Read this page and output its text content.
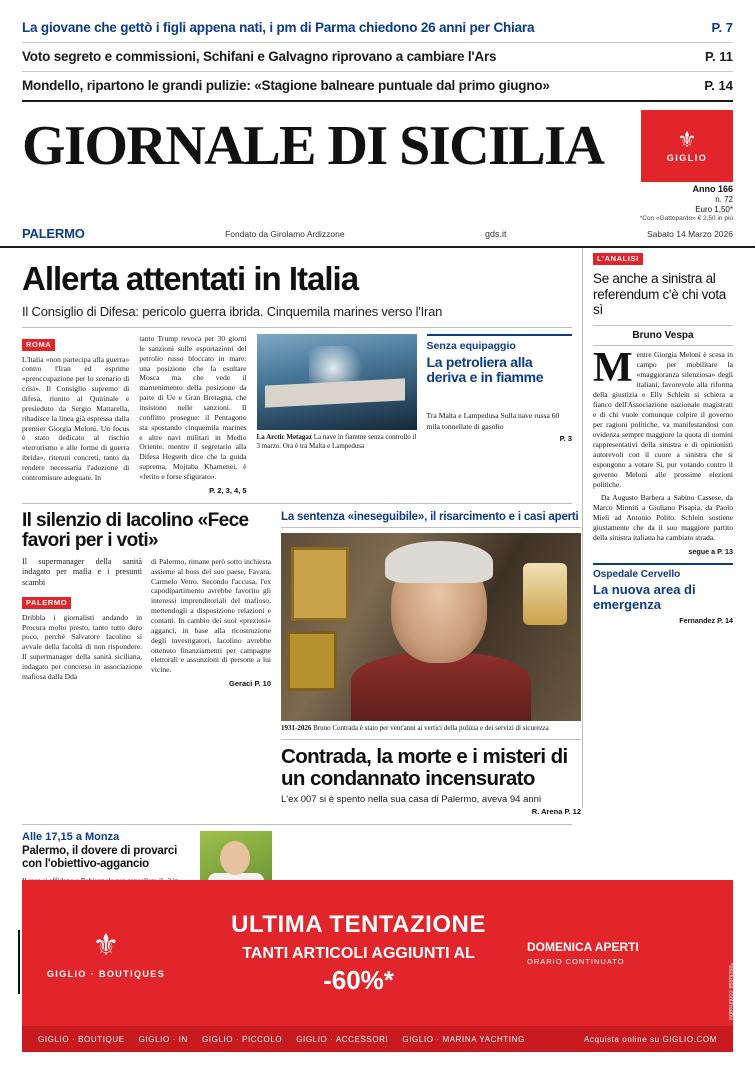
La giovane che gettò i figli appena nati, i pm di Parma chiedono 26 anni per Chiara	P. 7
Voto segreto e commissioni, Schifani e Galvagno riprovano a cambiare l'Ars	P. 11
Mondello, ripartono le grandi pulizie: «Stagione balneare puntuale dal primo giugno»	P. 14
GIORNALE DI SICILIA	⚜
GIGLIO
Anno 166
n. 72
Euro 1,50*
*Con «Gattopardo» € 2,50 in più
PALERMO	Fondato da Girolamo Ardizzone	gds.it	Sabato 14 Marzo 2026
Allerta attentati in Italia
Il Consiglio di Difesa: pericolo guerra ibrida. Cinquemila marines verso l'Iran
ROMA
L'Italia «non partecipa alla guerra» contro l'Iran ed esprime «preoccupazione per lo scenario di crisi». Il Consiglio supremo di difesa, riunito al Quirinale e presieduto da Sergio Mattarella, ribadisce la linea già espressa dalla premier Giorgia Meloni. Un focus è stato dedicato al rischio «terrorismo e alle forme di guerra ibrida», ritenuti concreti, tanto da rendere necessaria l'adozione di contromisure adeguate. In
tanto Trump revoca per 30 giorni le sanzioni sulle esportazioni del petrolio russo bloccato in mare: una posizione che fa esultare Mosca ma che vede il mantenimento della posizione da parte di Ue e Gran Bretagna, che insistono nelle sanzioni. Il conflitto prosegue: il Pentagono sta spostando cinquemila marines e altre navi militari in Medio Oriente, mentre il segretario alla Difesa Hegseth dice che la guida suprema, Mojtaba Khamenei, è «ferito e forse sfigurato».
P. 2, 3, 4, 5
La Arctic Metagaz La nave in fiamme senza controllo il 3 marzo. Ora è tra Malta e Lampedusa
Senza equipaggio
La petroliera alla deriva e in fiamme
Tra Malta e Lampedusa Sulla nave russa 60 mila tonnellate di gasolio
P. 3
Il silenzio di Iacolino «Fece favori per i voti»
Il supermanager della sanità indagato per mafia e i presunti scambi
PALERMO
Dribbla i giornalisti andando in Procura molto presto, tanto tutto duro poco, perché Salvatore Iacolino si avvale della facoltà di non rispondere. Il supermanager della sanità siciliana, indagato per concorso in associazione mafiosa dalla Dda
di Palermo, rimane però sotto inchiesta assieme al boss del suo paese, Favara, Carmelo Vetro. Secondo l'accusa, l'ex capodipartimento avrebbe favorito gli interessi imprenditoriali del mafioso, mettendogli a disposizione relazioni e contatti. In cambio dei suoi «preziosi» agganci, in base alla ricostruzione degli investigatori, Iacolino avrebbe ottenuto finanziamenti per campagne elettorali e assunzioni di persone a lui vicine.
Geraci P. 10
La sentenza «ineseguibile», il risarcimento e i casi aperti
1931-2026 Bruno Contrada è stato per vent'anni ai vertici della polizia e dei servizi di sicurezza
Contrada, la morte e i misteri di un condannato incensurato
L'ex 007 si è spento nella sua casa di Palermo, aveva 94 anni
R. Arena P. 12
Alle 17,15 a Monza
Palermo, il dovere di provarci con l'obiettivo-aggancio
L'ANALISI
Se anche a sinistra al referendum c'è chi vota sì
Bruno Vespa
Mentre Giorgia Meloni è scesa in campo per mobilitare la «maggioranza silenziosa» degli italiani, favorevole alla riforma della giustizia e Elly Schlein si schiera a fianco dell'Associazione nazionale magistrati e di chi vuole comunque colpire il governo per ragioni politiche, va manifestandosi con evidenza sempre maggiore la quota di uomini rappresentativi della sinistra e di opinionisti autorevoli con il cuore a sinistra che si espongono a votare Sì, pur votando contro il governo Meloni alle prossime elezioni politiche.
Da Augusto Barbera a Sabino Cassese, da Marco Minniti a Giuliano Pisapia, da Paolo Mieli ad Antonio Polito. Schlein sostiene giustamente che da il suo maggiore partito della sinistra italiana ha cambiato strada.
segue a P. 13
Ospedale Cervello
La nuova area di emergenza
Fernandez P. 14
⚜
GIGLIO · BOUTIQUES
ULTIMA TENTAZIONE
TANTI ARTICOLI AGGIUNTI AL
-60%*
DOMENICA APERTI
ORARIO CONTINUATO
*esclusse continuativi
GIGLIO · BOUTIQUE GIGLIO · IN GIGLIO · PICCOLO GIGLIO · ACCESSORI GIGLIO · MARINA YACHTING	Acquista online su GIGLIO.COM
